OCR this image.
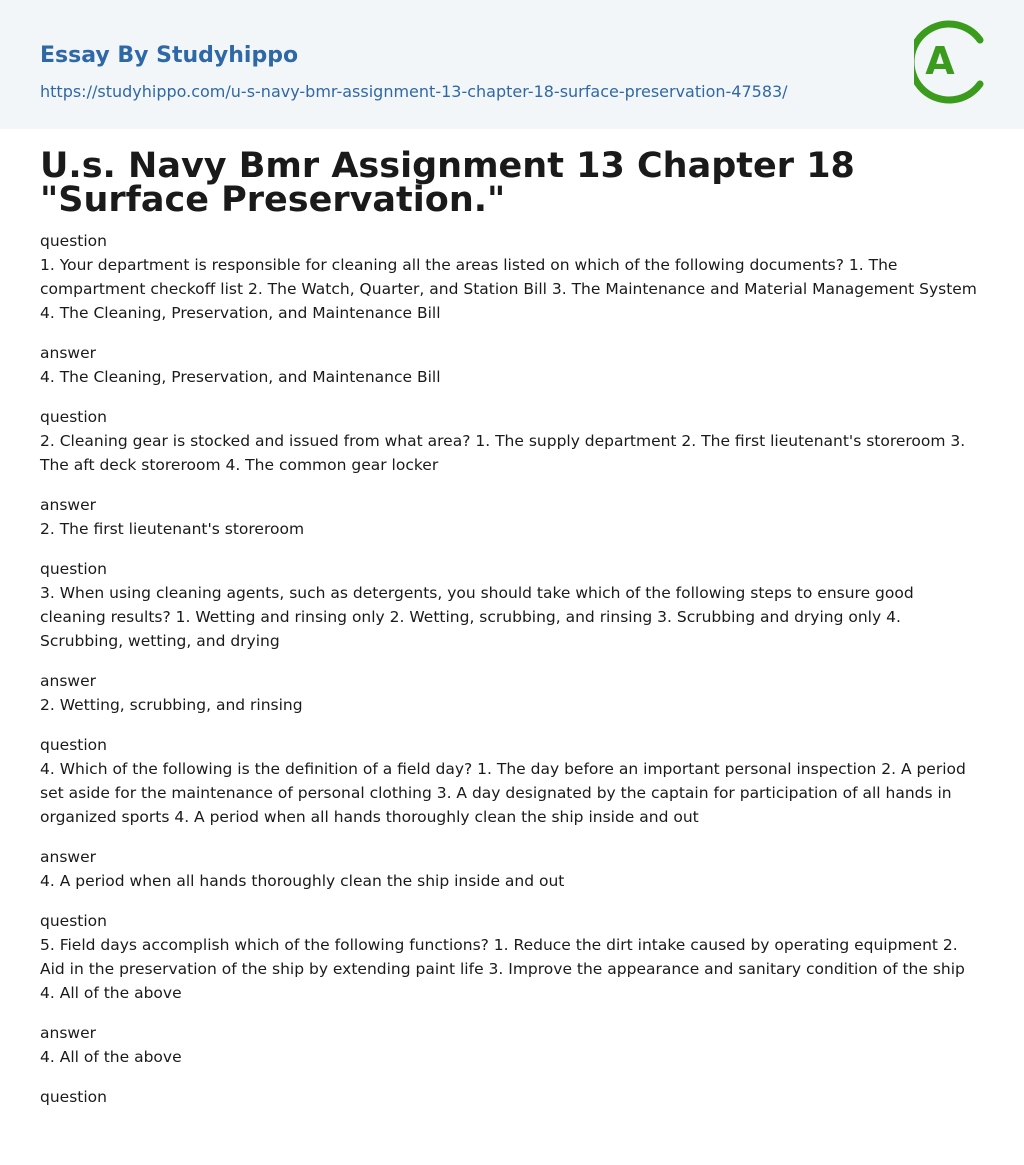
Essay By Studyhippo
https://studyhippo.com/u-s-navy-bmr-assignment-13-chapter-18-surface-preservation-47583/
A
U.s. Navy Bmr Assignment 13 Chapter 18 "Surface Preservation."
question
1. Your department is responsible for cleaning all the areas listed on which of the following documents? 1. The compartment checkoff list 2. The Watch, Quarter, and Station Bill 3. The Maintenance and Material Management System 4. The Cleaning, Preservation, and Maintenance Bill
answer
4. The Cleaning, Preservation, and Maintenance Bill
question
2. Cleaning gear is stocked and issued from what area? 1. The supply department 2. The first lieutenant's storeroom 3. The aft deck storeroom 4. The common gear locker
answer
2. The first lieutenant's storeroom
question
3. When using cleaning agents, such as detergents, you should take which of the following steps to ensure good cleaning results? 1. Wetting and rinsing only 2. Wetting, scrubbing, and rinsing 3. Scrubbing and drying only 4. Scrubbing, wetting, and drying
answer
2. Wetting, scrubbing, and rinsing
question
4. Which of the following is the definition of a field day? 1. The day before an important personal inspection 2. A period set aside for the maintenance of personal clothing 3. A day designated by the captain for participation of all hands in organized sports 4. A period when all hands thoroughly clean the ship inside and out
answer
4. A period when all hands thoroughly clean the ship inside and out
question
5. Field days accomplish which of the following functions? 1. Reduce the dirt intake caused by operating equipment 2. Aid in the preservation of the ship by extending paint life 3. Improve the appearance and sanitary condition of the ship 4. All of the above
answer
4. All of the above
question
